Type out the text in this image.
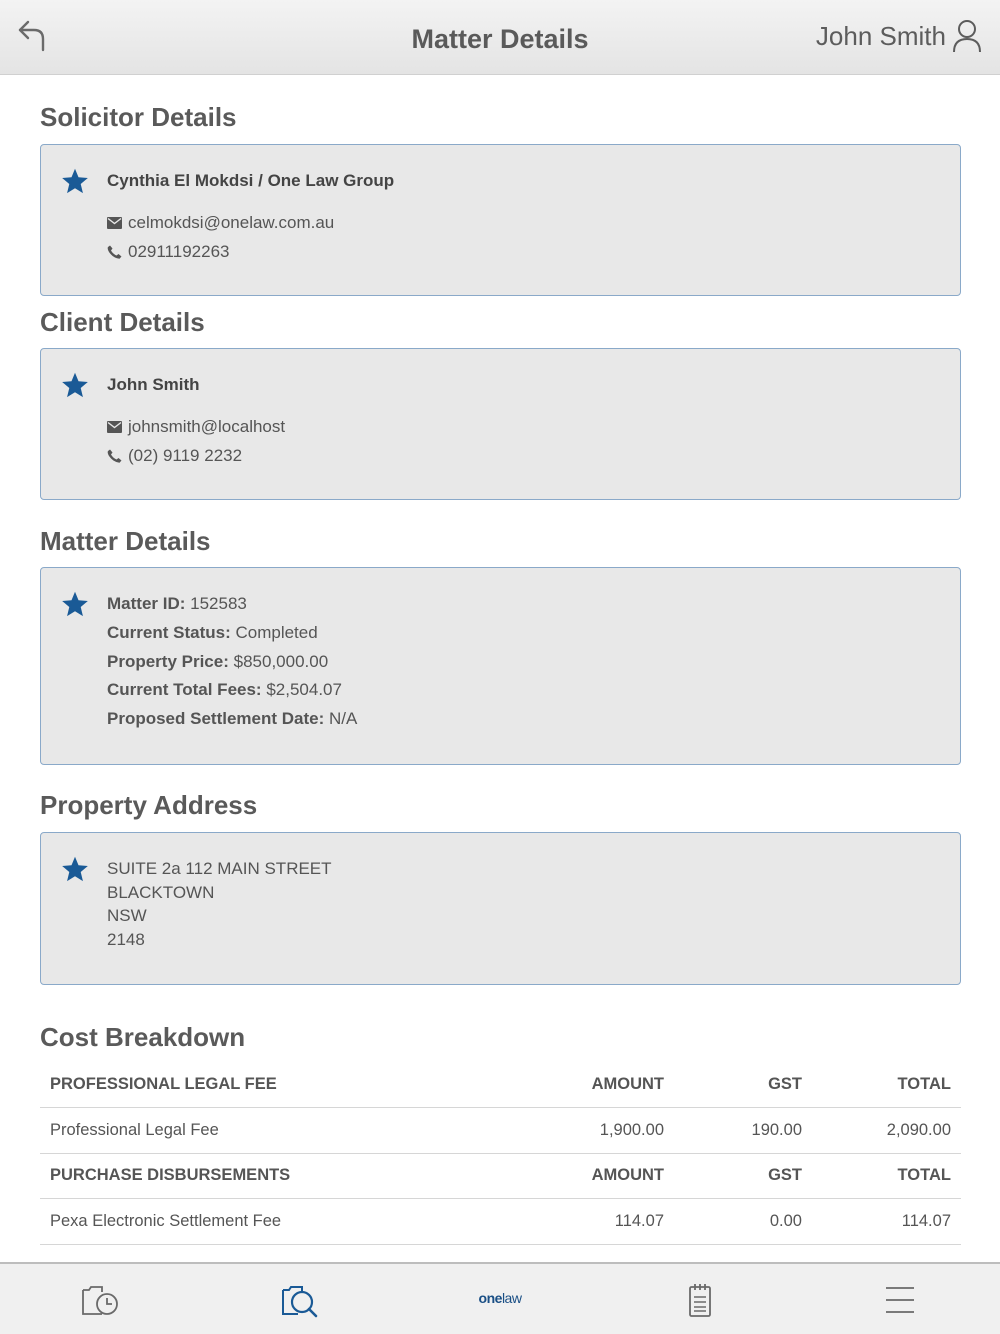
Matter Details	John Smith
Solicitor Details
Cynthia El Mokdsi / One Law Group
celmokdsi@onelaw.com.au
02911192263
Client Details
John Smith
johnsmith@localhost
(02) 9119 2232
Matter Details
Matter ID: 152583
Current Status: Completed
Property Price: $850,000.00
Current Total Fees: $2,504.07
Proposed Settlement Date: N/A
Property Address
SUITE 2a 112 MAIN STREET
BLACKTOWN
NSW
2148
Cost Breakdown
PROFESSIONAL LEGAL FEE	AMOUNT	GST	TOTAL
Professional Legal Fee	1,900.00	190.00	2,090.00
PURCHASE DISBURSEMENTS	AMOUNT	GST	TOTAL
Pexa Electronic Settlement Fee	114.07	0.00	114.07
onelaw
